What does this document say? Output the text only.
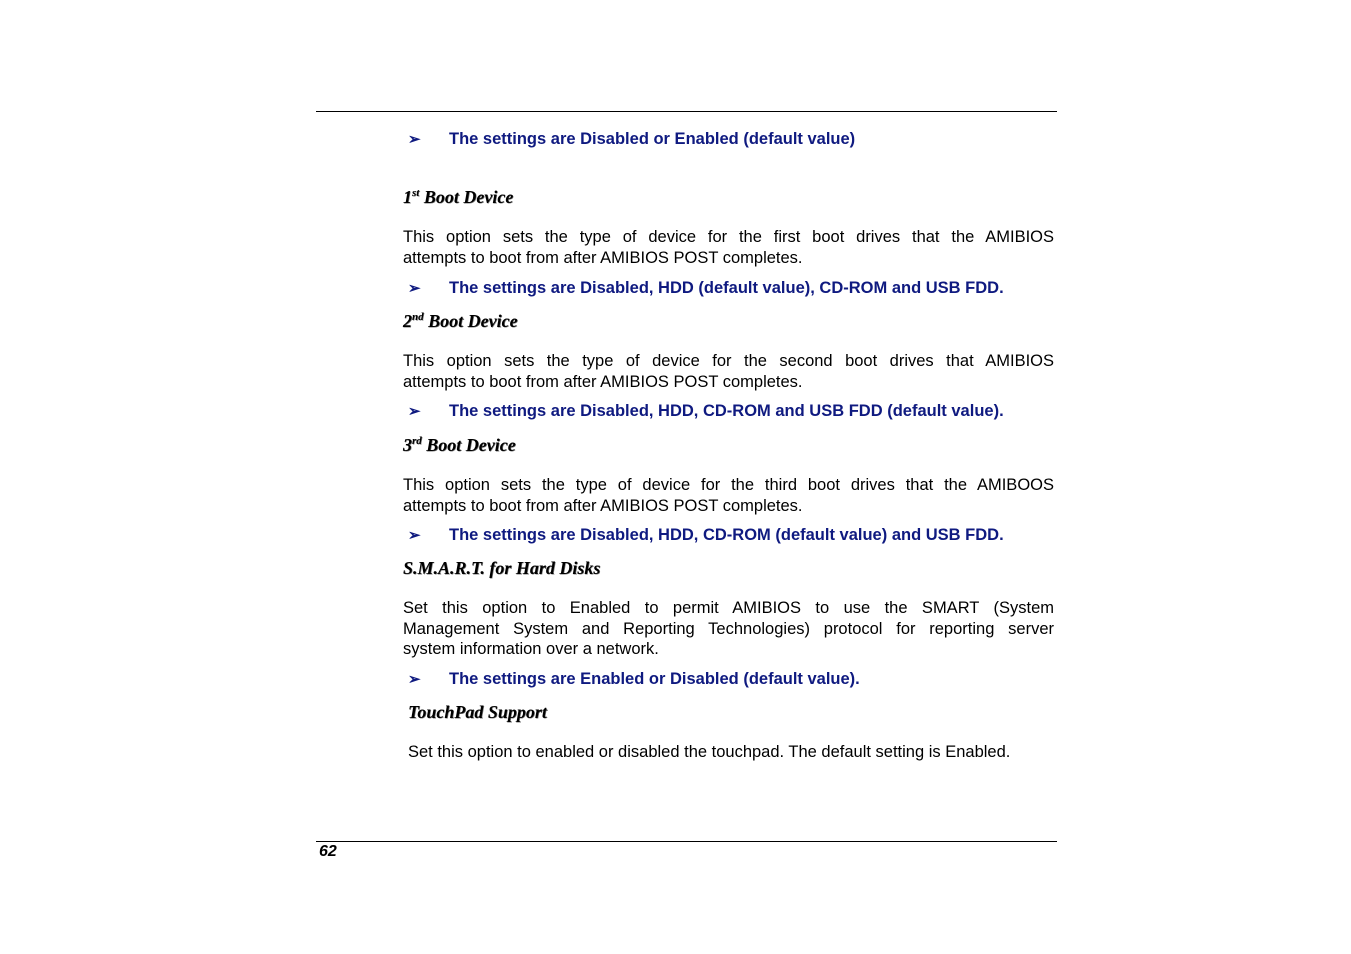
➢ The settings are Disabled or Enabled (default value)
1st Boot Device
This option sets the type of device for the first boot drives that the AMIBIOS
attempts to boot from after AMIBIOS POST completes.
➢ The settings are Disabled, HDD (default value), CD-ROM and USB FDD.
2nd Boot Device
This option sets the type of device for the second boot drives that AMIBIOS
attempts to boot from after AMIBIOS POST completes.
➢ The settings are Disabled, HDD, CD-ROM and USB FDD (default value).
3rd Boot Device
This option sets the type of device for the third boot drives that the AMIBOOS
attempts to boot from after AMIBIOS POST completes.
➢ The settings are Disabled, HDD, CD-ROM (default value) and USB FDD.
S.M.A.R.T. for Hard Disks
Set this option to Enabled to permit AMIBIOS to use the SMART (System
Management System and Reporting Technologies) protocol for reporting server
system information over a network.
➢ The settings are Enabled or Disabled (default value).
TouchPad Support
Set this option to enabled or disabled the touchpad. The default setting is Enabled.
62
